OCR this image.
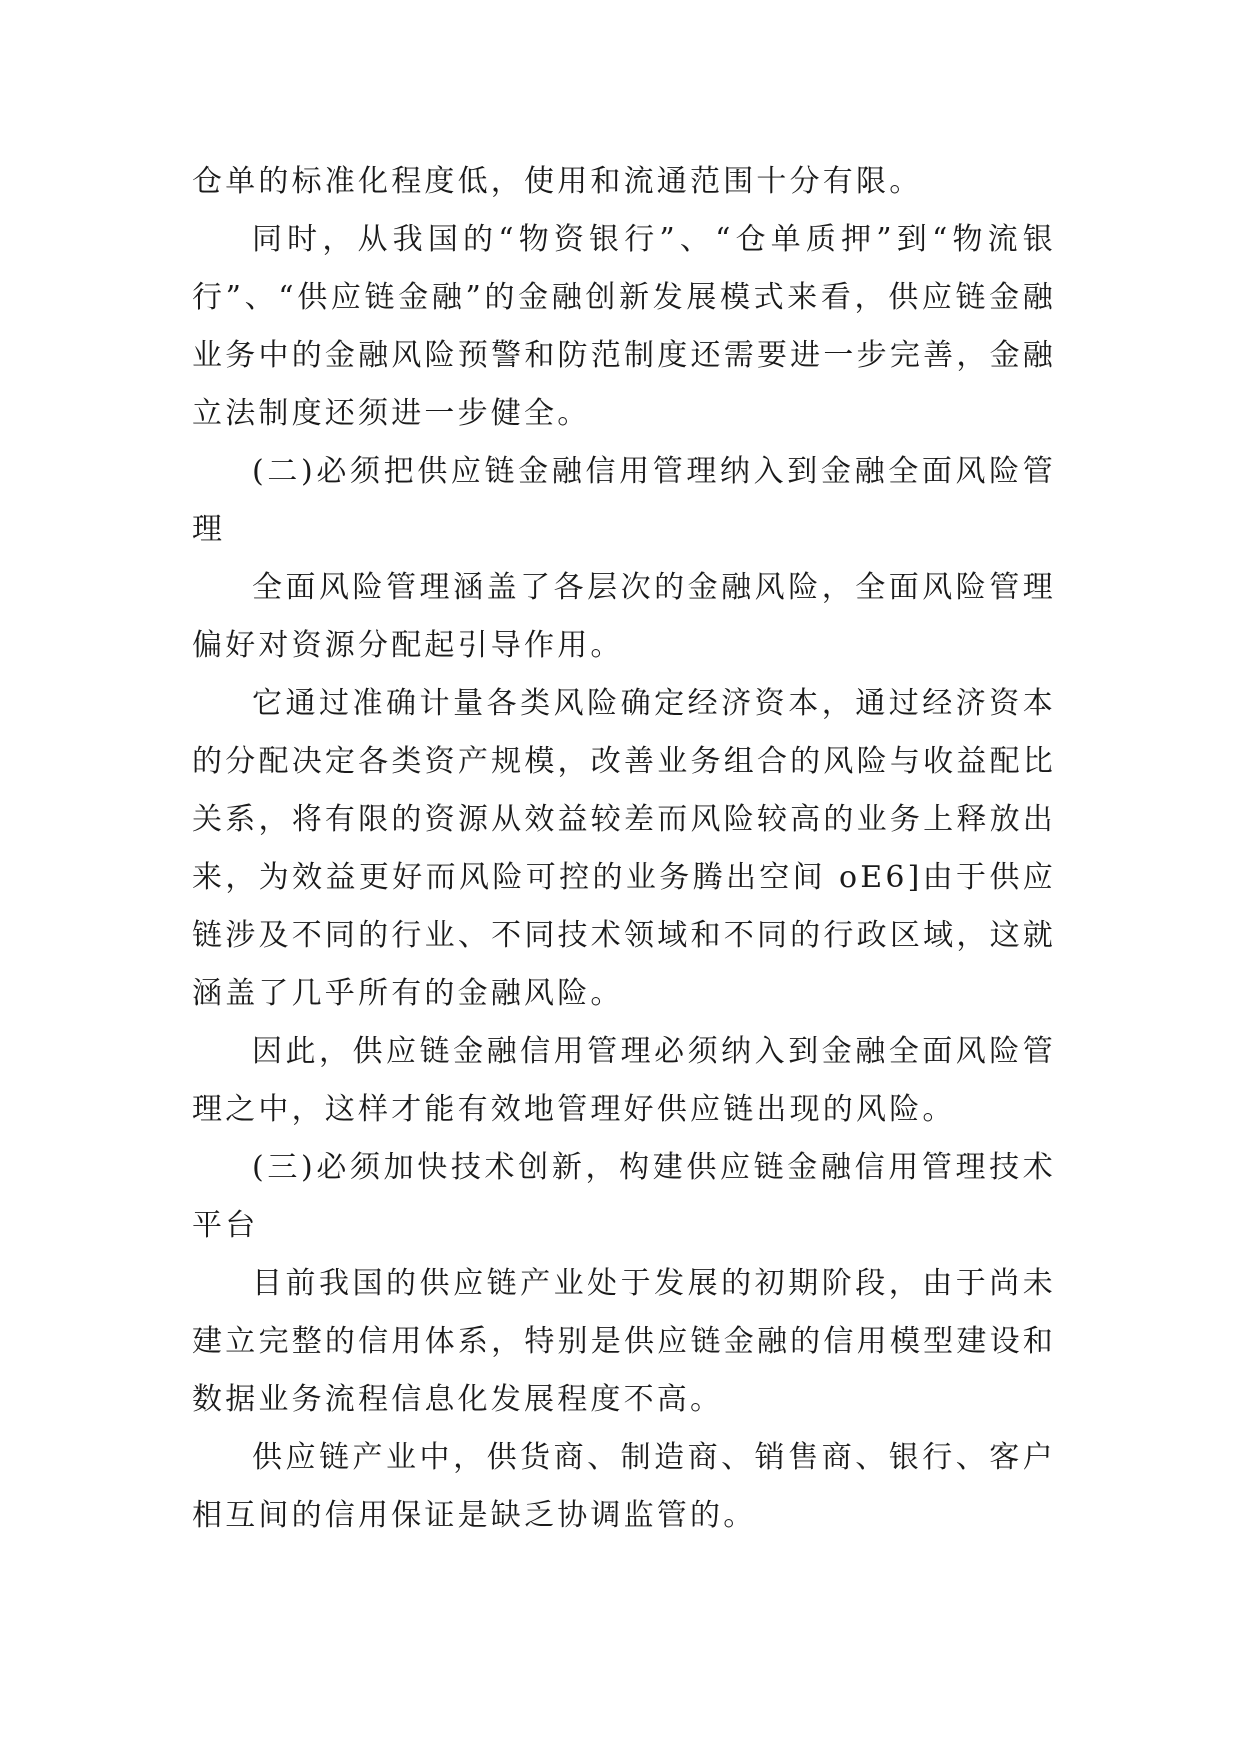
仓单的标准化程度低，使用和流通范围十分有限。

同时，从我国的“物资银行”、“仓单质押”到“物流银行”、“供应链金融”的金融创新发展模式来看，供应链金融业务中的金融风险预警和防范制度还需要进一步完善，金融立法制度还须进一步健全。

(二)必须把供应链金融信用管理纳入到金融全面风险管理

全面风险管理涵盖了各层次的金融风险，全面风险管理偏好对资源分配起引导作用。

它通过准确计量各类风险确定经济资本，通过经济资本的分配决定各类资产规模，改善业务组合的风险与收益配比关系，将有限的资源从效益较差而风险较高的业务上释放出来，为效益更好而风险可控的业务腾出空间 oE6]由于供应链涉及不同的行业、不同技术领域和不同的行政区域，这就涵盖了几乎所有的金融风险。

因此，供应链金融信用管理必须纳入到金融全面风险管理之中，这样才能有效地管理好供应链出现的风险。

(三)必须加快技术创新，构建供应链金融信用管理技术平台

目前我国的供应链产业处于发展的初期阶段，由于尚未建立完整的信用体系，特别是供应链金融的信用模型建设和数据业务流程信息化发展程度不高。

供应链产业中，供货商、制造商、销售商、银行、客户相互间的信用保证是缺乏协调监管的。
